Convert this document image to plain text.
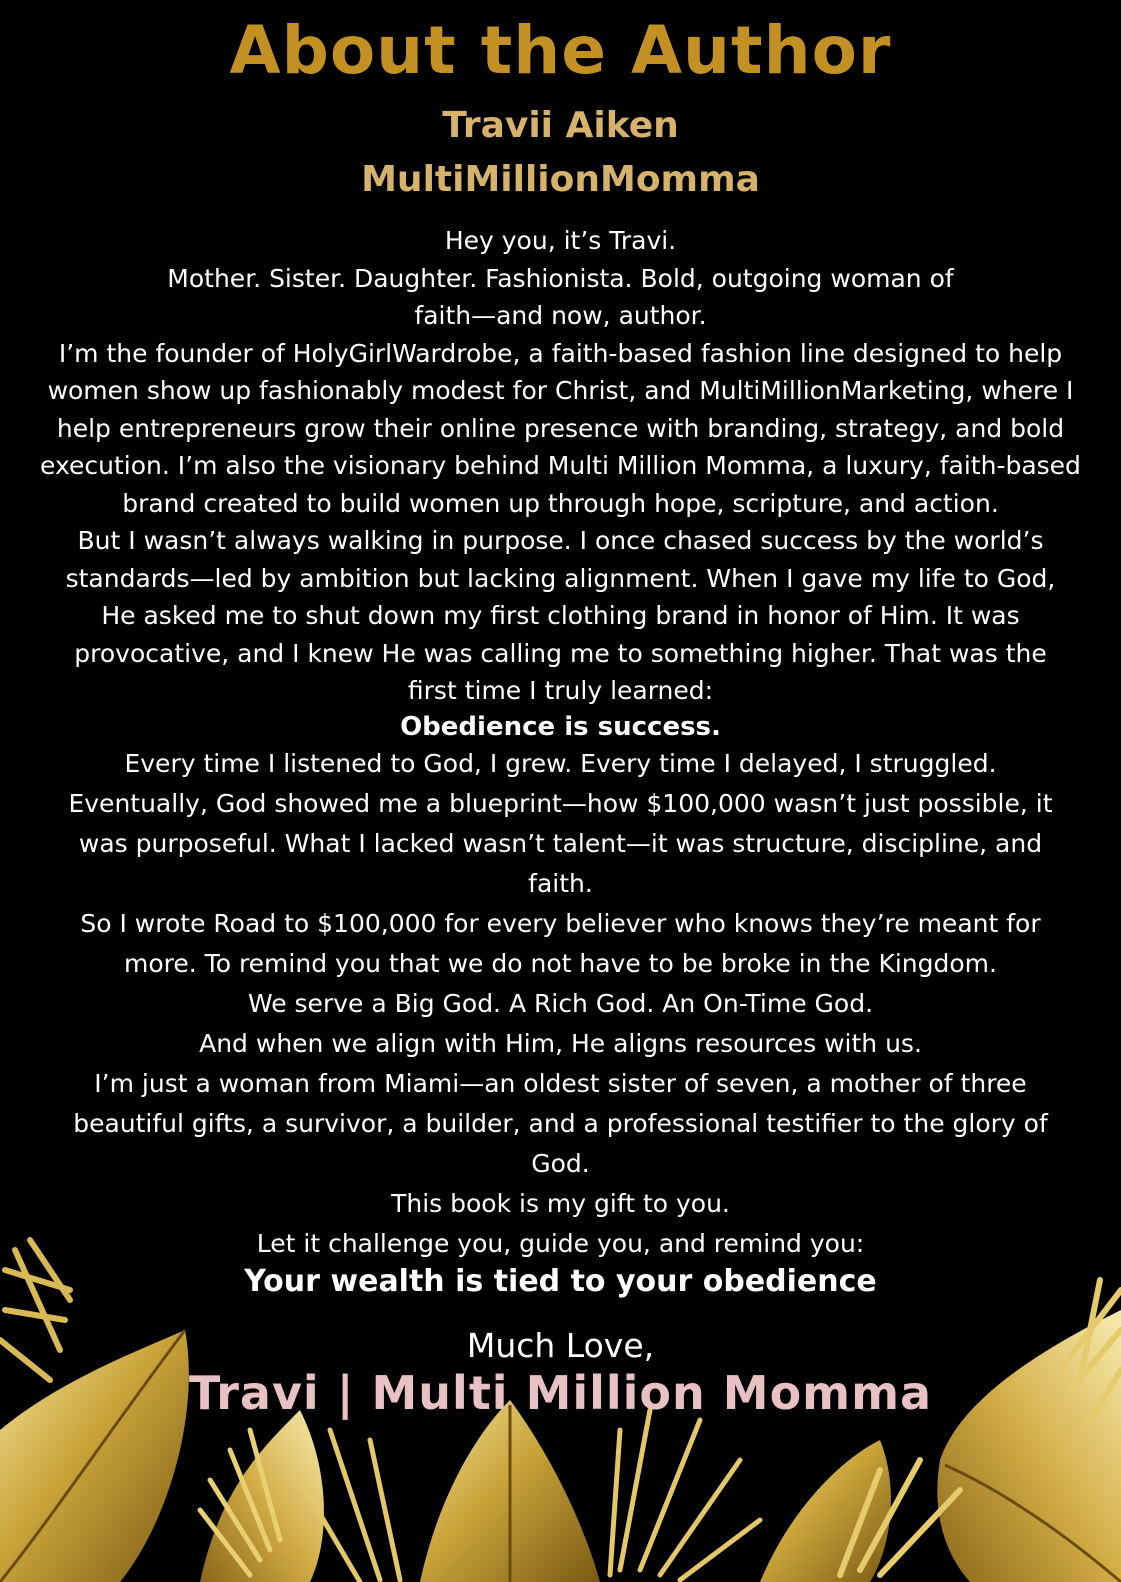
About the Author
Travii Aiken
MultiMillionMomma

Hey you, it’s Travi.

Mother. Sister. Daughter. Fashionista. Bold, outgoing woman of faith—and now, author.

I’m the founder of HolyGirlWardrobe, a faith-based fashion line designed to help women show up fashionably modest for Christ, and MultiMillionMarketing, where I help entrepreneurs grow their online presence with branding, strategy, and bold execution. I’m also the visionary behind Multi Million Momma, a luxury, faith-based brand created to build women up through hope, scripture, and action.

But I wasn’t always walking in purpose. I once chased success by the world’s standards—led by ambition but lacking alignment. When I gave my life to God, He asked me to shut down my first clothing brand in honor of Him. It was provocative, and I knew He was calling me to something higher. That was the first time I truly learned:

Obedience is success.

Every time I listened to God, I grew. Every time I delayed, I struggled. Eventually, God showed me a blueprint—how $100,000 wasn’t just possible, it was purposeful. What I lacked wasn’t talent—it was structure, discipline, and faith.

So I wrote Road to $100,000 for every believer who knows they’re meant for more. To remind you that we do not have to be broke in the Kingdom.

We serve a Big God. A Rich God. An On-Time God.

And when we align with Him, He aligns resources with us.

I’m just a woman from Miami—an oldest sister of seven, a mother of three beautiful gifts, a survivor, a builder, and a professional testifier to the glory of God.

This book is my gift to you.

Let it challenge you, guide you, and remind you:

Your wealth is tied to your obedience

Much Love,
Travi | Multi Million Momma
